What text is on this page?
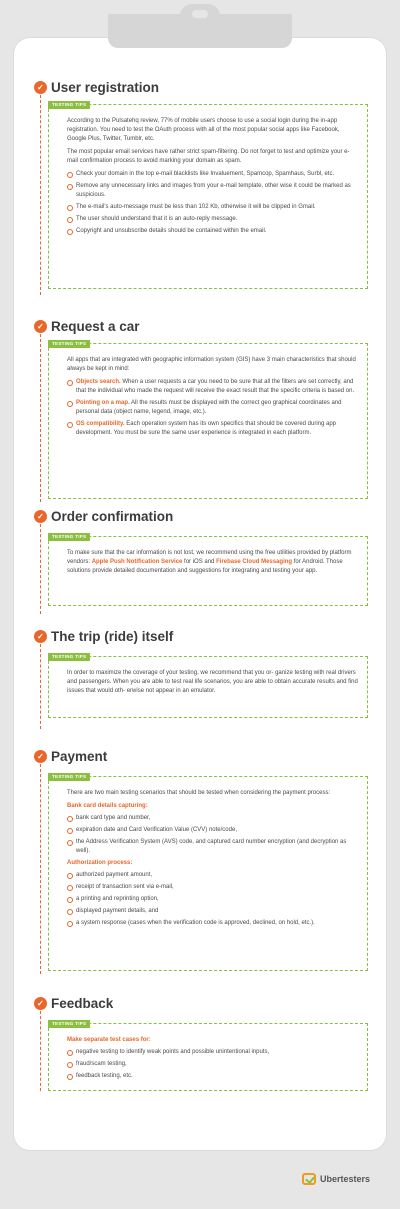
✓ User registration
TESTING TIPS

According to the Pulsatehq review, 77% of mobile users choose to use a social login during the in-app registration. You need to test the OAuth process with all of the most popular social apps like Facebook, Google Plus, Twitter, Tumblr, etc.

The most popular email services have rather strict spam-filtering. Do not forget to test and optimize your e-mail confirmation process to avoid marking your domain as spam.

Check your domain in the top e-mail blacklists like Invaluement, Spamcop, Spamhaus, Surbl, etc.
Remove any unnecessary links and images from your e-mail template, other wise it could be marked as suspicious.
The e-mail's auto-message must be less than 102 Kb, otherwise it will be clipped in Gmail.
The user should understand that it is an auto-reply message.
Copyright and unsubscribe details should be contained within the email.
✓ Request a car
TESTING TIPS

All apps that are integrated with geographic information system (GIS) have 3 main characteristics that should always be kept in mind:

Objects search. When a user requests a car you need to be sure that all the filters are set correctly, and that the individual who made the request will receive the exact result that the specific criteria is based on.
Pointing on a map. All the results must be displayed with the correct geo graphical coordinates and personal data (object name, legend, image, etc.).
OS compatibility. Each operation system has its own specifics that should be covered during app development. You must be sure the same user experience is integrated in each platform.
✓ Order confirmation
TESTING TIPS

To make sure that the car information is not lost, we recommend using the free utilities provided by platform vendors: Apple Push Notification Service for iOS and Firebase Cloud Messaging for Android. Those solutions provide detailed documentation and suggestions for integrating and testing your app.

✓ The trip (ride) itself
TESTING TIPS

In order to maximize the coverage of your testing, we recommend that you or- ganize testing with real drivers and passengers. When you are able to test real life scenarios, you are able to obtain accurate results and find issues that would oth- erwise not appear in an emulator.

✓ Payment
TESTING TIPS

There are two main testing scenarios that should be tested when considering the payment process:

Bank card details capturing:
bank card type and number,
expiration date and Card Verification Value (CVV) note/code,
the Address Verification System (AVS) code, and captured card number encryption (and decryption as well).
Authorization process:
authorized payment amount,
receipt of transaction sent via e-mail,
a printing and reprinting option,
displayed payment details, and
a system response (cases when the verification code is approved, declined, on hold, etc.).
✓ Feedback
TESTING TIPS
Make separate test cases for:
negative testing to identify weak points and possible unintentional inputs,
fraud/scam testing,
feedback testing, etc.
Ubertesters
